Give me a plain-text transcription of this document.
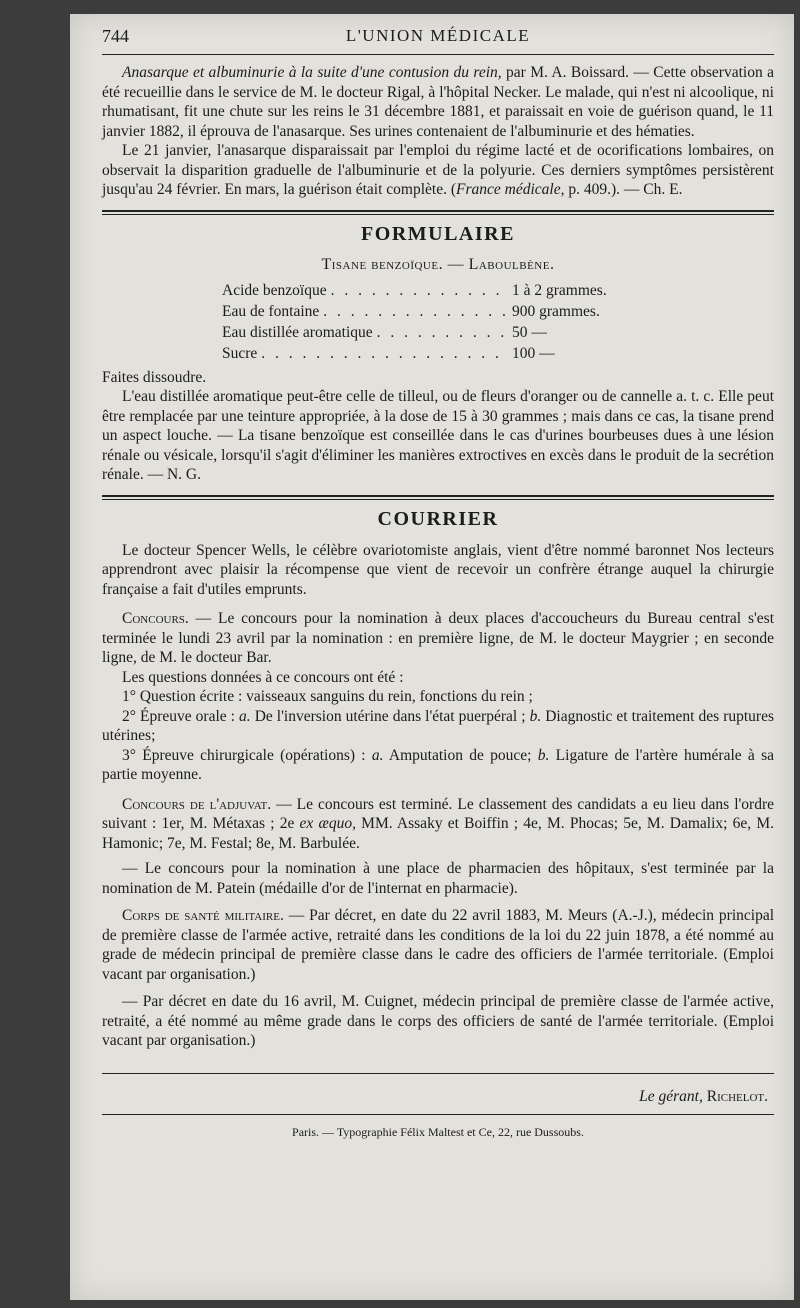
744	L'UNION MÉDICALE

Anasarque et albuminurie à la suite d'une contusion du rein, par M. A. Boissard. — Cette observation a été recueillie dans le service de M. le docteur Rigal, à l'hôpital Necker. Le malade, qui n'est ni alcoolique, ni rhumatisant, fit une chute sur les reins le 31 décembre 1881, et paraissait en voie de guérison quand, le 11 janvier 1882, il éprouva de l'anasarque. Ses urines contenaient de l'albuminurie et des hématies.

Le 21 janvier, l'anasarque disparaissait par l'emploi du régime lacté et de ocorifications lombaires, on observait la disparition graduelle de l'albuminurie et de la polyurie. Ces derniers symptômes persistèrent jusqu'au 24 février. En mars, la guérison était complète. (France médicale, p. 409.). — Ch. E.

FORMULAIRE
Tisane benzoïque. — Laboulbène.
Acide benzoïque . . .	1 à 2 grammes.
Eau de fontaine . . .	900 grammes.
Eau distillée aromatique . . .	50 —
Sucre . . .	100 —

Faites dissoudre.

L'eau distillée aromatique peut-être celle de tilleul, ou de fleurs d'oranger ou de cannelle a. t. c. Elle peut être remplacée par une teinture appropriée, à la dose de 15 à 30 grammes ; mais dans ce cas, la tisane prend un aspect louche. — La tisane benzoïque est conseillée dans le cas d'urines bourbeuses dues à une lésion rénale ou vésicale, lorsqu'il s'agit d'éliminer les manières extroctives en excès dans le produit de la secrétion rénale. — N. G.

COURRIER

Le docteur Spencer Wells, le célèbre ovariotomiste anglais, vient d'être nommé baronnet Nos lecteurs apprendront avec plaisir la récompense que vient de recevoir un confrère étrange auquel la chirurgie française a fait d'utiles emprunts.

Concours. — Le concours pour la nomination à deux places d'accoucheurs du Bureau central s'est terminée le lundi 23 avril par la nomination : en première ligne, de M. le docteur Maygrier ; en seconde ligne, de M. le docteur Bar.

Les questions données à ce concours ont été :

1° Question écrite : vaisseaux sanguins du rein, fonctions du rein ;

2° Épreuve orale : a. De l'inversion utérine dans l'état puerpéral ; b. Diagnostic et traitement des ruptures utérines;

3° Épreuve chirurgicale (opérations) : a. Amputation de pouce; b. Ligature de l'artère humérale à sa partie moyenne.

Concours de l'adjuvat. — Le concours est terminé. Le classement des candidats a eu lieu dans l'ordre suivant : 1er, M. Métaxas ; 2e ex æquo, MM. Assaky et Boiffin ; 4e, M. Phocas; 5e, M. Damalix; 6e, M. Hamonic; 7e, M. Festal; 8e, M. Barbulée.

— Le concours pour la nomination à une place de pharmacien des hôpitaux, s'est terminée par la nomination de M. Patein (médaille d'or de l'internat en pharmacie).

Corps de santé militaire. — Par décret, en date du 22 avril 1883, M. Meurs (A.-J.), médecin principal de première classe de l'armée active, retraité dans les conditions de la loi du 22 juin 1878, a été nommé au grade de médecin principal de première classe dans le cadre des officiers de l'armée territoriale. (Emploi vacant par organisation.)

— Par décret en date du 16 avril, M. Cuignet, médecin principal de première classe de l'armée active, retraité, a été nommé au même grade dans le corps des officiers de santé de l'armée territoriale. (Emploi vacant par organisation.)

Le gérant, Richelot.
Paris. — Typographie Félix Maltest et Ce, 22, rue Dussoubs.
